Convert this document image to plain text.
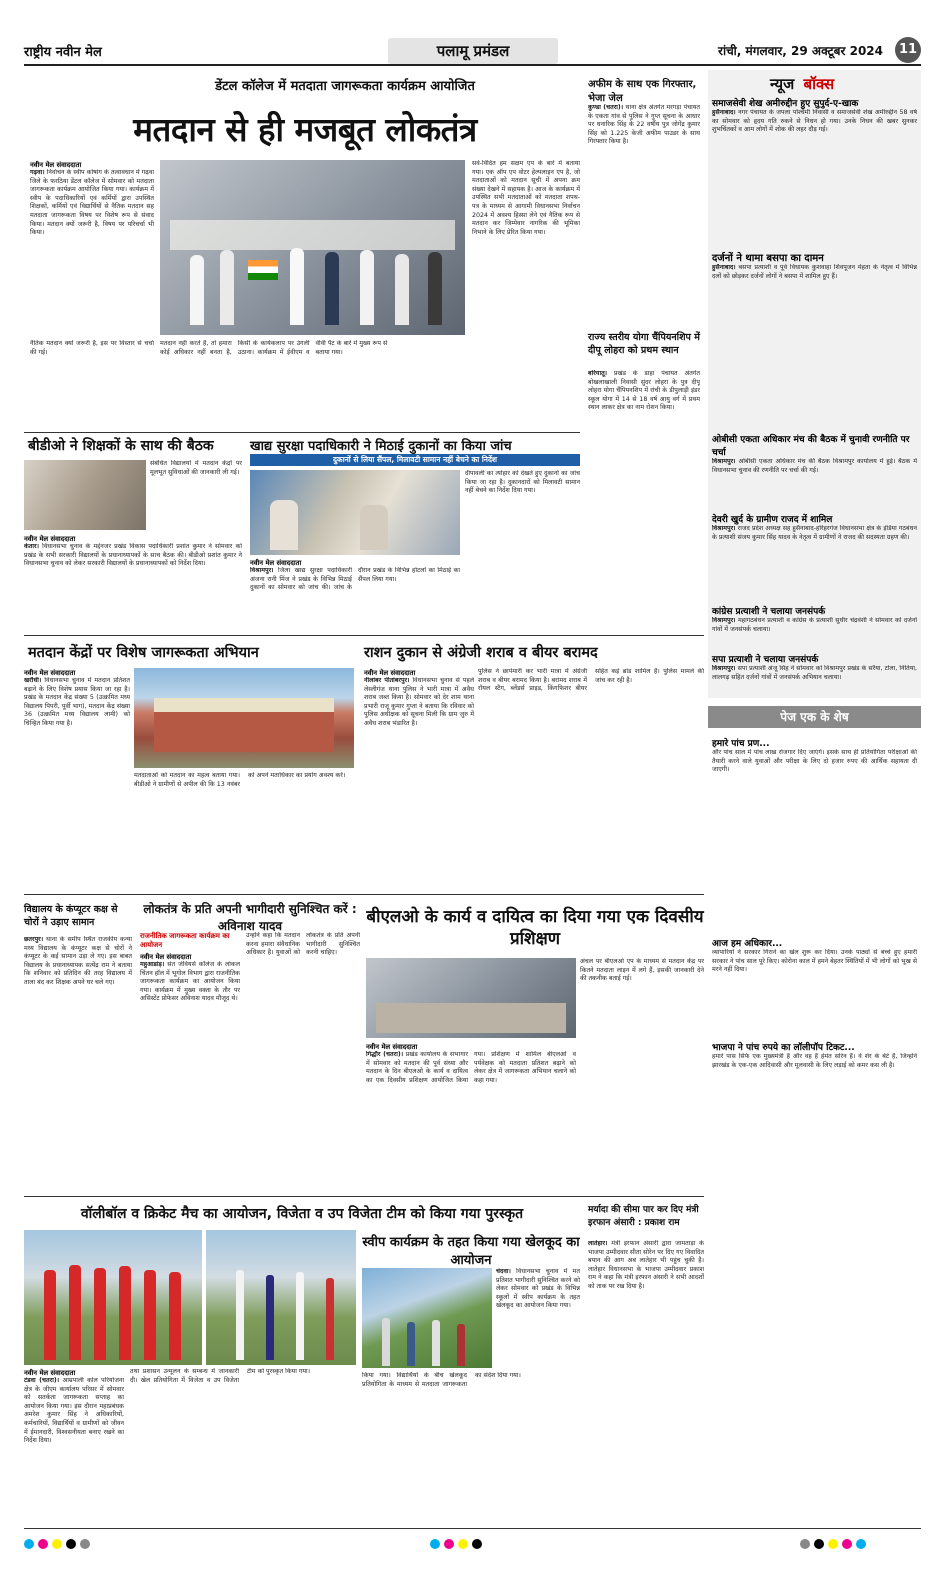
राष्ट्रीय नवीन मेल	पलामू प्रमंडल	रांची, मंगलवार, 29 अक्टूबर 2024	11
डेंटल कॉलेज में मतदाता जागरूकता कार्यक्रम आयोजित
मतदान से ही मजबूत लोकतंत्र
नवीन मेल संवाददाता
गढ़वा। निर्वाचन के स्वीप कोषांग के तत्वावधान में गढ़वा जिले के फरठिया डेंटल कॉलेज में सोमवार को मतदाता जागरूकता कार्यक्रम आयोजित किया गया। कार्यक्रम में स्वीप के पदाधिकारियों एवं कर्मियों द्वारा उपस्थित शिक्षकों, कर्मियों एवं विद्यार्थियों से नैतिक मतदान सह मतदाता जागरूकता विषय पर विशेष रूप से संवाद किया। मतदान क्यों जरूरी है, विषय पर परिचर्चा भी किया।
सर्व-विदित हम सक्षम एप के बारे में बताया गया। एक ऑप एप वोटर हेल्पलाइन एप है, जो मतदाताओं को मतदान सूची में अपना क्रम संख्या देखने में सहायक है। आज के कार्यक्रम में उपस्थित सभी मतदाताओं को मतदाता शपथ-पत्र के माध्यम से आगामी विधानसभा निर्वाचन 2024 में अवश्य हिस्सा लेने एवं नैतिक रूप से मतदान कर जिम्मेवार नागरिक की भूमिका निभाने के लिए प्रेरित किया गया।
नैतिक मतदान क्यों जरूरी है, इस पर विस्तार से चर्चा की गई।
मतदान नहीं करते हैं, तो हमारा कोई अधिकार नहीं बनता है, किसी के कार्यकलाप पर उंगली उठाना। कार्यक्रम में ईवीएम व वीवी पैट के बारे में मुख्य रूप से बताया गया।
बीडीओ ने शिक्षकों के साथ की बैठक
संबंधित विद्यालयों में मतदान केंद्रों पर मूलभूत सुविधाओं की जानकारी ली गई।
नवीन मेल संवाददाता
केतार। विधानसभा चुनाव के मद्देनजर प्रखंड विकास पदाधिकारी प्रशांत कुमार ने सोमवार को प्रखंड के सभी सरकारी विद्यालयों के प्रधानाध्यापकों के साथ बैठक की। बीडीओ प्रशांत कुमार ने विधानसभा चुनाव को लेकर सरकारी विद्यालयों के प्रधानाध्यापकों को निर्देश दिया।
खाद्य सुरक्षा पदाधिकारी ने मिठाई दुकानों का किया जांच
दुकानों से लिया सैंपल, मिलावटी सामान नहीं बेचने का निर्देश
दीपावली का त्योहार को देखते हुए दुकानों का जांच किया जा रहा है। दुकानदारों को मिलावटी सामान नहीं बेचने का निर्देश दिया गया।
नवीन मेल संवाददाता
विश्रामपुर। जिला खाद्य सुरक्षा पदाधिकारी अंजना रानी मिंज ने प्रखंड के विभिन्न मिठाई दुकानों का सोमवार को जांच की। जांच के दौरान प्रखंड के विभिन्न होटलों का मिठाई का सैंपल लिया गया।
अफीम के साथ एक गिरफ्तार, भेजा जेल
कुण्डा (चतरा)। थाना क्षेत्र अंतर्गत मरगड़ा पंचायत के एकता गांव से पुलिस ने गुप्त सूचना के आधार पर धनारिक सिंह के 22 वर्षीय पुत्र जोगेंद्र कुमार सिंह को 1.225 केजी अफीम पाउडर के साथ गिरफ्तार किया है।
राज्य स्तरीय योगा चैंपियनशिप में दीपू लोहरा को प्रथम स्थान
बरियातू। प्रखंड के डाहा पंचायत अंतर्गत बोखलाखाली निवासी सुंदर लोहरा के पुत्र दीपू लोहरा योगा चैंपियनशिप में रांची के डीपुलाड़ी इंडर स्कूल योगा में 14 से 18 वर्ष आयु वर्ग में प्रथम स्थान लाकर क्षेत्र का नाम रोशन किया।
मतदान केंद्रों पर विशेष जागरूकता अभियान
नवीन मेल संवाददाता
खरौंधी। विधानसभा चुनाव में मतदान प्रतिशत बढ़ाने के लिए विशेष प्रयास किया जा रहा है। प्रखंड के मतदान केंद्र संख्या 5 (उत्क्रमित मध्य विद्यालय पिपरी, पूर्वी भाग), मतदान केंद्र संख्या 36 (उत्क्रमित मध्य विद्यालय लामी) को चिन्हित किया गया है।
मतदाताओं को मतदान का महत्व बताया गया। बीडीओ ने ग्रामीणों से अपील की कि 13 नवंबर को अपने मताधिकार का प्रयोग अवश्य करें।
राशन दुकान से अंग्रेजी शराब व बीयर बरामद
नवीन मेल संवाददाता
नीलांबर पीतांबरपुर। विधानसभा चुनाव से पहले लेस्लीगंज थाना पुलिस ने भारी मात्रा में अवैध शराब जब्त किया है। सोमवार को देर शाम थाना प्रभारी राजू कुमार गुप्ता ने बताया कि रविवार को पुलिस अधीक्षक को सूचना मिली कि ग्राम जुरु में अवैध शराब भंडारित है।
पुलिस ने छापेमारी कर भारी मात्रा में अंग्रेजी शराब व बीयर बरामद किया है। बरामद शराब में रॉयल स्टैग, ब्लेंडर्स प्राइड, किंगफिशर बीयर सहित कई ब्रांड शामिल हैं। पुलिस मामले की जांच कर रही है।
विद्यालय के कंप्यूटर कक्ष से चोरों ने उड़ाए सामान
छतरपुर। थाना के समीप स्थित राजकीय कन्या मध्य विद्यालय के कंप्यूटर कक्ष से चोरों ने कंप्यूटर के कई सामान उड़ा ले गए। इस बाबत विद्यालय के प्रधानाध्यापक सत्येंद्र राम ने बताया कि शनिवार को प्रतिदिन की तरह विद्यालय में ताला बंद कर शिक्षक अपने घर चले गए।
लोकतंत्र के प्रति अपनी भागीदारी सुनिश्चित करें : अविनाश यादव
राजनीतिक जागरूकता कार्यक्रम का आयोजन
नवीन मेल संवाददाता
महुआडांड़। संत जेवियर्स कॉलेज के लोकल चिंतन हॉल में भूगोल विभाग द्वारा राजनीतिक जागरूकता कार्यक्रम का आयोजन किया गया। कार्यक्रम में मुख्य वक्ता के तौर पर असिस्टेंट प्रोफेसर अविनाश यादव मौजूद थे।
उन्होंने कहा कि मतदान करना हमारा संवैधानिक अधिकार है। युवाओं को लोकतंत्र के प्रति अपनी भागीदारी सुनिश्चित करनी चाहिए।
बीएलओ के कार्य व दायित्व का दिया गया एक दिवसीय प्रशिक्षण
अंचल पर बीएलओ एप के माध्यम से मतदान केंद्र पर कितने मतदाता लाइन में लगे हैं, इसकी जानकारी देने की तकनीक बताई गई।
नवीन मेल संवाददाता
गिद्धौर (चतरा)। प्रखंड कार्यालय के सभागार में सोमवार को मतदान की पूर्व संध्या और मतदान के दिन बीएलओ के कार्य व दायित्व का एक दिवसीय प्रशिक्षण आयोजित किया गया। प्रशिक्षण में शामिल बीएलओ व पर्यवेक्षक को मतदाता प्रतिशत बढ़ाने को लेकर क्षेत्र में जागरूकता अभियान चलाने को कहा गया।
वॉलीबॉल व क्रिकेट मैच का आयोजन, विजेता व उप विजेता टीम को किया गया पुरस्कृत
नवीन मेल संवाददाता
टंडवा (चतरा)। आम्रपाली कोल परियोजना क्षेत्र के जीएम कार्यालय परिसर में सोमवार को सतर्कता जागरूकता सप्ताह का आयोजन किया गया। इस दौरान महाप्रबंधक अमरेश कुमार सिंह ने अधिकारियों, कर्मचारियों, विद्यार्थियों व ग्रामीणों को जीवन में ईमानदारी, विश्वसनीयता बनाए रखने का निर्देश दिया।
तथा प्रशासन उन्मूलन के सम्बन्ध में जानकारी दी। खेल प्रतियोगिता में विजेता व उप विजेता टीम को पुरस्कृत किया गया।
स्वीप कार्यक्रम के तहत किया गया खेलकूद का आयोजन
चंदवा। विधानसभा चुनाव में मत प्रतिशत भागीदारी सुनिश्चित करने को लेकर सोमवार को प्रखंड के विभिन्न स्कूलों में स्वीप कार्यक्रम के तहत खेलकूद का आयोजन किया गया।
किया गया। विद्यार्थियों के बीच खेलकूद प्रतियोगिता के माध्यम से मतदाता जागरूकता का संदेश दिया गया।
मर्यादा की सीमा पार कर दिए मंत्री इरफान अंसारी : प्रकाश राम
लातेहार। मंत्री इरफान अंसारी द्वारा जामताड़ा के भाजपा उम्मीदवार सीता सोरेन पर दिए गए विवादित बयान की आग अब लातेहार भी पहुंच चुकी है। लातेहार विधानसभा के भाजपा उम्मीदवार प्रकाश राम ने कहा कि मंत्री इरफान अंसारी ने सभी आदर्शों को ताक पर रख दिया है।
न्यूज बॉक्स
समाजसेवी शेख अमीरुद्दीन हुए सुपुर्द-ए-खाक
हुसैनाबाद। नगर पंचायत के जपला पश्चिमी निवासी व समाजसेवी शेख अमीरुद्दीन 58 वर्ष का सोमवार को हृदय गति रुकने से निधन हो गया। उनके निधन की खबर सुनकर शुभचिंतकों व आम लोगों में शोक की लहर दौड़ गई।
दर्जनों ने थामा बसपा का दामन
हुसैनाबाद। बसपा प्रत्याशी व पूर्व विधायक कुशवाहा शिवपूजन मेहता के नेतृत्व में विभिन्न दलों को छोड़कर दर्जनों लोगों ने बसपा में शामिल हुए हैं।
ओबीसी एकता अधिकार मंच की बैठक में चुनावी रणनीति पर चर्चा
विश्रामपुर। ओबीसी एकता अधिकार मंच की बैठक विश्रामपुर कार्यालय में हुई। बैठक में विधानसभा चुनाव की रणनीति पर चर्चा की गई।
देवरी खुर्द के ग्रामीण राजद में शामिल
विश्रामपुर। राजद प्रदेश अध्यक्ष सह हुसैनाबाद-हरिहरगंज विधानसभा क्षेत्र के इंडिया गठबंधन के प्रत्याशी संजय कुमार सिंह यादव के नेतृत्व में ग्रामीणों ने राजद की सदस्यता ग्रहण की।
कांग्रेस प्रत्याशी ने चलाया जनसंपर्क
विश्रामपुर। महागठबंधन प्रत्याशी व कांग्रेस के प्रत्याशी सुधीर चंद्रवंशी ने सोमवार को दर्जनों गांवों में जनसंपर्क चलाया।
सपा प्रत्याशी ने चलाया जनसंपर्क
विश्रामपुर। सपा प्रत्याशी अंजू सिंह ने सोमवार को विश्रामपुर प्रखंड के सरैया, टोला, नितिया, लालगढ़ सहित दर्जनों गांवों में जनसंपर्क अभियान चलाया।
पेज एक के शेष
हमारे पांच प्रण...
और पांच साल में पांच लाख रोजगार दिए जाएंगे। इसके साथ ही प्रतियोगिता परीक्षाओं की तैयारी करने वाले युवाओं और परीक्षा के लिए दो हजार रुपए की आर्थिक सहायता दी जाएगी।
आज हम अधिकार...
व्यापारियों ने सरकार गिराने का खेल शुरू कर दिया। उनके पाठ्यों से बच्चे हुए हमारी सरकार ने पांच साल पूरे किए। कोरोना काल में हमने बेहतर स्थितियों में भी लोगों को भूख से मरने नहीं दिया।
भाजपा ने पांच रुपये का लॉलीपॉप टिकट...
हमारे पास सिर्फ एक मुख्यमंत्री है और वह हैं हेमंत सोरेन हैं। वे शेर के बेटे हैं, जिन्होंने झारखंड के एक-एक आदिवासी और मूलवासी के लिए लड़ाई को कमर कस ली है।
